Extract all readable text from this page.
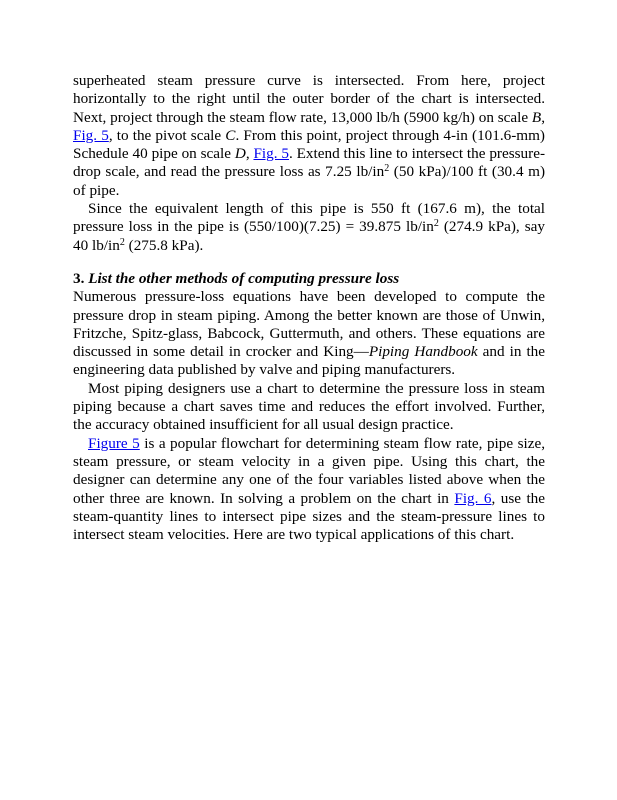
superheated steam pressure curve is intersected. From here, project horizontally to the right until the outer border of the chart is intersected. Next, project through the steam flow rate, 13,000 lb/h (5900 kg/h) on scale B, Fig. 5, to the pivot scale C. From this point, project through 4-in (101.6-mm) Schedule 40 pipe on scale D, Fig. 5. Extend this line to intersect the pressure-drop scale, and read the pressure loss as 7.25 $lb/in^2$ (50 kPa)/100 ft (30.4 m) of pipe.

Since the equivalent length of this pipe is 550 ft (167.6 m), the total pressure loss in the pipe is (550/100)(7.25) = 39.875 $lb/in^2$ (274.9 kPa), say 40 $lb/in^2$ (275.8 kPa).

3. List the other methods of computing pressure loss

Numerous pressure-loss equations have been developed to compute the pressure drop in steam piping. Among the better known are those of Unwin, Fritzche, Spitz-glass, Babcock, Guttermuth, and others. These equations are discussed in some detail in crocker and King—Piping Handbook and in the engineering data published by valve and piping manufacturers.

Most piping designers use a chart to determine the pressure loss in steam piping because a chart saves time and reduces the effort involved. Further, the accuracy obtained insufficient for all usual design practice.

Figure 5 is a popular flowchart for determining steam flow rate, pipe size, steam pressure, or steam velocity in a given pipe. Using this chart, the designer can determine any one of the four variables listed above when the other three are known. In solving a problem on the chart in Fig. 6, use the steam-quantity lines to intersect pipe sizes and the steam-pressure lines to intersect steam velocities. Here are two typical applications of this chart.
